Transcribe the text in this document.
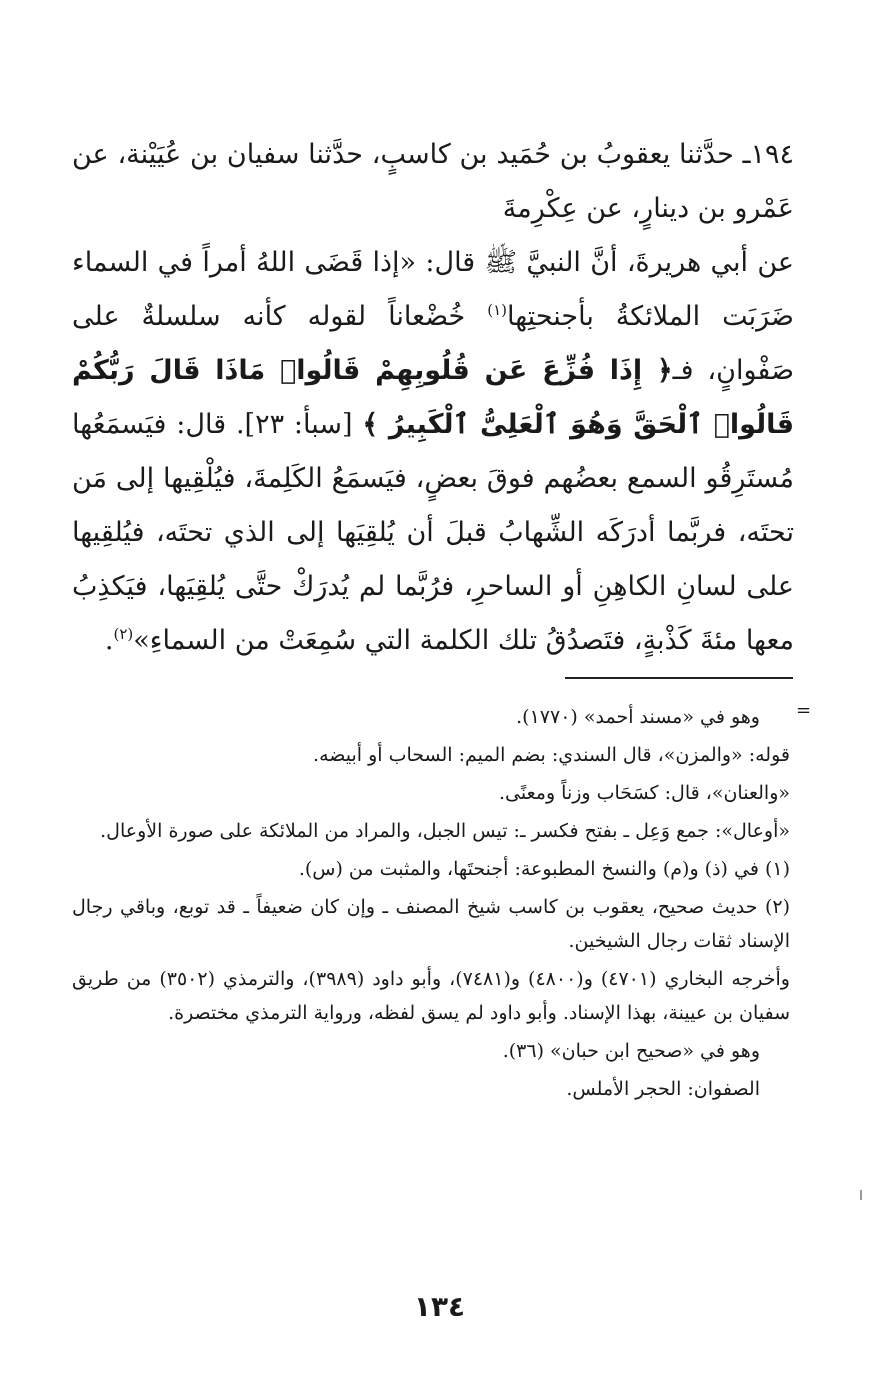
١٩٤ـ حدَّثنا يعقوبُ بن حُمَيد بن كاسبٍ، حدَّثنا سفيان بن عُيَيْنة، عن عَمْرو بن دينارٍ، عن عِكْرِمةَ

عن أبي هريرةَ، أنَّ النبيَّ ﷺ قال: «إذا قَضَى اللهُ أمراً في السماء ضَرَبَت الملائكةُ بأجنحتِها$^{(١)}$ خُضْعاناً لقوله كأنه سلسلةٌ على صَفْوانٍ، فـ﴿ إِذَا فُزِّعَ عَن قُلُوبِهِمْ قَالُوا۟ مَاذَا قَالَ رَبُّكُمْ قَالُوا۟ ٱلْحَقَّ وَهُوَ ٱلْعَلِىُّ ٱلْكَبِيرُ ﴾ [سبأ: ٢٣]. قال: فيَسمَعُها مُستَرِقُو السمع بعضُهم فوقَ بعضٍ، فيَسمَعُ الكَلِمةَ، فيُلْقِيها إلى مَن تحتَه، فربَّما أدرَكَه الشِّهابُ قبلَ أن يُلقِيَها إلى الذي تحتَه، فيُلقِيها على لسانِ الكاهِنِ أو الساحرِ، فرُبَّما لم يُدرَكْ حتَّى يُلقِيَها، فيَكذِبُ معها مئةَ كَذْبةٍ، فتَصدُقُ تلك الكلمة التي سُمِعَتْ من السماءِ»$^{(٢)}$.

=

وهو في «مسند أحمد» (١٧٧٠).

قوله: «والمزن»، قال السندي: بضم الميم: السحاب أو أبيضه.

«والعنان»، قال: كسَحَاب وزناً ومعنًى.

«أوعال»: جمع وَعِل ـ بفتح فكسر ـ: تيس الجبل، والمراد من الملائكة على صورة الأوعال.

(١) في (ذ) و(م) والنسخ المطبوعة: أجنحتَها، والمثبت من (س).

(٢) حديث صحيح، يعقوب بن كاسب شيخ المصنف ـ وإن كان ضعيفاً ـ قد توبع، وباقي رجال الإسناد ثقات رجال الشيخين.

وأخرجه البخاري (٤٧٠١) و(٤٨٠٠) و(٧٤٨١)، وأبو داود (٣٩٨٩)، والترمذي (٣٥٠٢) من طريق سفيان بن عيينة، بهذا الإسناد. وأبو داود لم يسق لفظه، ورواية الترمذي مختصرة.

وهو في «صحيح ابن حبان» (٣٦).

الصفوان: الحجر الأملس.

١٣٤
